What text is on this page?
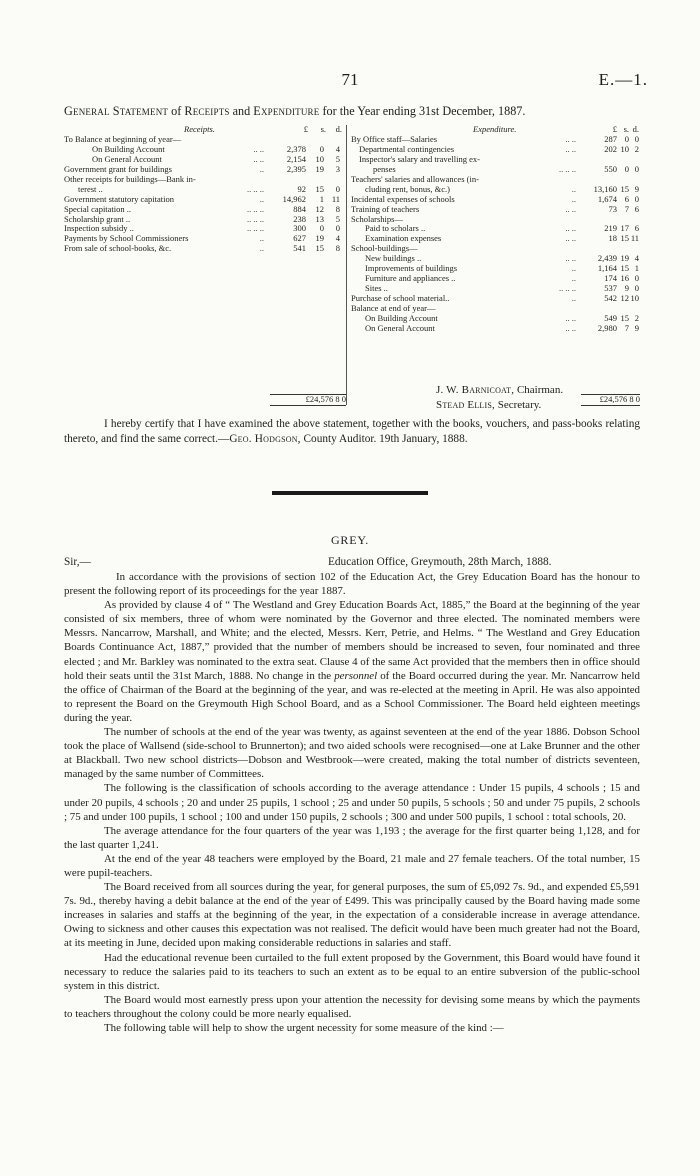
71	E.—1.
General Statement of Receipts and Expenditure for the Year ending 31st December, 1887.
Receipts.	£	s.	d.
To Balance at beginning of year—
On Building Account	.. ..	2,378	0	4
On General Account	.. ..	2,154	10	5
Government grant for buildings	..	2,395	19	3
Other receipts for buildings—Bank in-
terest ..	.. .. ..	92	15	0
Government statutory capitation	..	14,962	1 11
Special capitation ..	.. .. ..	884	12	8
Scholarship grant ..	.. .. ..	238	13	5
Inspection subsidy ..	.. .. ..	300	0	0
Payments by School Commissioners	..	627	19	4
From sale of school-books, &c.	..	541	15	8
£24,576 8 0
Expenditure.	£ s. d.
By Office staff—Salaries	.. ..	287 0 0
Departmental contingencies	.. ..	202 10 2
Inspector's salary and travelling ex-
penses	.. .. ..	550 0 0
Teachers' salaries and allowances (in-
cluding rent, bonus, &c.)	..	13,160 15 9
Incidental expenses of schools	..	1,674 6 0
Training of teachers	.. ..	73 7 6
Scholarships—
Paid to scholars ..	.. ..	219 17 6
Examination expenses	.. ..	18 15 11
School-buildings—
New buildings ..	.. ..	2,439 19 4
Improvements of buildings	..	1,164 15 1
Furniture and appliances ..	..	174 16 0
Sites ..	.. .. ..	537 9 0
Purchase of school material..	..	542 12 10
Balance at end of year—
On Building Account	.. ..	549 15 2
On General Account	.. ..	2,980 7 9
£24,576 8 0
J. W. Barnicoat, Chairman.
Stead Ellis, Secretary.

I hereby certify that I have examined the above statement, together with the books, vouchers, and pass-books relating thereto, and find the same correct.—Geo. Hodgson, County Auditor. 19th January, 1888.

GREY.
Sir,—	Education Office, Greymouth, 28th March, 1888.

In accordance with the provisions of section 102 of the Education Act, the Grey Education Board has the honour to present the following report of its proceedings for the year 1887.

As provided by clause 4 of “ The Westland and Grey Education Boards Act, 1885,” the Board at the beginning of the year consisted of six members, three of whom were nominated by the Governor and three elected. The nominated members were Messrs. Nancarrow, Marshall, and White; and the elected, Messrs. Kerr, Petrie, and Helms. “ The Westland and Grey Education Boards Continuance Act, 1887,” provided that the number of members should be increased to seven, four nominated and three elected ; and Mr. Barkley was nominated to the extra seat. Clause 4 of the same Act provided that the members then in office should hold their seats until the 31st March, 1888. No change in the personnel of the Board occurred during the year. Mr. Nancarrow held the office of Chairman of the Board at the beginning of the year, and was re-elected at the meeting in April. He was also appointed to represent the Board on the Greymouth High School Board, and as a School Commissioner. The Board held eighteen meetings during the year.

The number of schools at the end of the year was twenty, as against seventeen at the end of the year 1886. Dobson School took the place of Wallsend (side-school to Brunnerton); and two aided schools were recognised—one at Lake Brunner and the other at Blackball. Two new school districts—Dobson and Westbrook—were created, making the total number of districts seventeen, managed by the same number of Committees.

The following is the classification of schools according to the average attendance : Under 15 pupils, 4 schools ; 15 and under 20 pupils, 4 schools ; 20 and under 25 pupils, 1 school ; 25 and under 50 pupils, 5 schools ; 50 and under 75 pupils, 2 schools ; 75 and under 100 pupils, 1 school ; 100 and under 150 pupils, 2 schools ; 300 and under 500 pupils, 1 school : total schools, 20.

The average attendance for the four quarters of the year was 1,193 ; the average for the first quarter being 1,128, and for the last quarter 1,241.

At the end of the year 48 teachers were employed by the Board, 21 male and 27 female teachers. Of the total number, 15 were pupil-teachers.

The Board received from all sources during the year, for general purposes, the sum of £5,092 7s. 9d., and expended £5,591 7s. 9d., thereby having a debit balance at the end of the year of £499. This was principally caused by the Board having made some increases in salaries and staffs at the beginning of the year, in the expectation of a considerable increase in average attendance. Owing to sickness and other causes this expectation was not realised. The deficit would have been much greater had not the Board, at its meeting in June, decided upon making considerable reductions in salaries and staff.

Had the educational revenue been curtailed to the full extent proposed by the Government, this Board would have found it necessary to reduce the salaries paid to its teachers to such an extent as to be equal to an entire subversion of the public-school system in this district.

The Board would most earnestly press upon your attention the necessity for devising some means by which the payments to teachers throughout the colony could be more nearly equalised.

The following table will help to show the urgent necessity for some measure of the kind :—
